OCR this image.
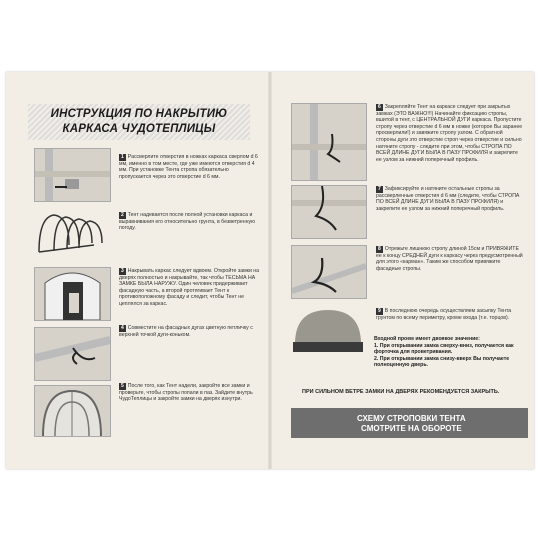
ИНСТРУКЦИЯ ПО НАКРЫТИЮ
КАРКАСА ЧУДОТЕПЛИЦЫ
1 Рассверлите отверстия в ножках каркаса сверлом d 6 мм, именно в том месте, где уже имеются отверстия d 4 мм. При установке Тента стропа обязательно пропускается через это отверстие d 6 мм.
2 Тент надевается после полной установки каркаса и выравнивания его относительно грунта, в безветренную погоду.
3 Накрывать каркас следует вдвоем. Откройте замки на дверях полностью и накрывайте, так чтобы ТЕСЬМА НА ЗАМКЕ БЫЛА НАРУЖУ. Один человек придерживает фасадную часть, а второй протягивает Тент к противоположному фасаду и следит, чтобы Тент не цеплялся за каркас.
4 Совместите на фасадных дугах цветную петличку с верхней точкой дуги-коньком.
5 После того, как Тент надели, закройте все замки и проверьте, чтобы стропы попали в паз. Зайдите внутрь ЧудоТеплицы и закройте замки на дверях изнутри.
6 Закрепляйте Тент на каркасе следует при закрытых замках (ЭТО ВАЖНО!!!) Начинайте фиксацию стропы, вшитой в тент, с ЦЕНТРАЛЬНОЙ ДУГИ каркаса. Пропустите стропу через отверстие d 6 мм в ножке (которое Вы заранее просверлили!) и завяжите стропу узлом. С обратной стороны дуги это отверстие строп через отверстие и сильно натяните стропу - следите при этом, чтобы СТРОПА ПО ВСЕЙ ДЛИНЕ ДУГИ БЫЛА В ПАЗУ ПРОФИЛЯ и закрепите ее узлом за нижний поперечный профиль.
7 Зафиксируйте и натяните остальные стропы за рассверленные отверстия d 6 мм (следите, чтобы СТРОПА ПО ВСЕЙ ДЛИНЕ ДУГИ БЫЛА В ПАЗУ ПРОФИЛЯ) и закрепите ее узлом за нижний поперечный профиль.
8 Отрежьте лишнюю стропу длиной 15см и ПРИВЯЖИТЕ ее к концу СРЕДНЕЙ дуги к каркасу через предусмотренный для этого «карман». Таким же способом привяжите фасадные стропы.
9 В последнюю очередь осуществляем засыпку Тента грунтом по всему периметру, кроме входа (т.е. торцов).
Входной проем имеет двоякое значение:
1. При открывании замка сверху-вниз, получается как форточка для проветривания.
2. При открывании замка снизу-вверх Вы получаете полноценную дверь.
ПРИ СИЛЬНОМ ВЕТРЕ ЗАМКИ НА ДВЕРЯХ РЕКОМЕНДУЕТСЯ ЗАКРЫТЬ.
СХЕМУ СТРОПОВКИ ТЕНТА
СМОТРИТЕ НА ОБОРОТЕ
